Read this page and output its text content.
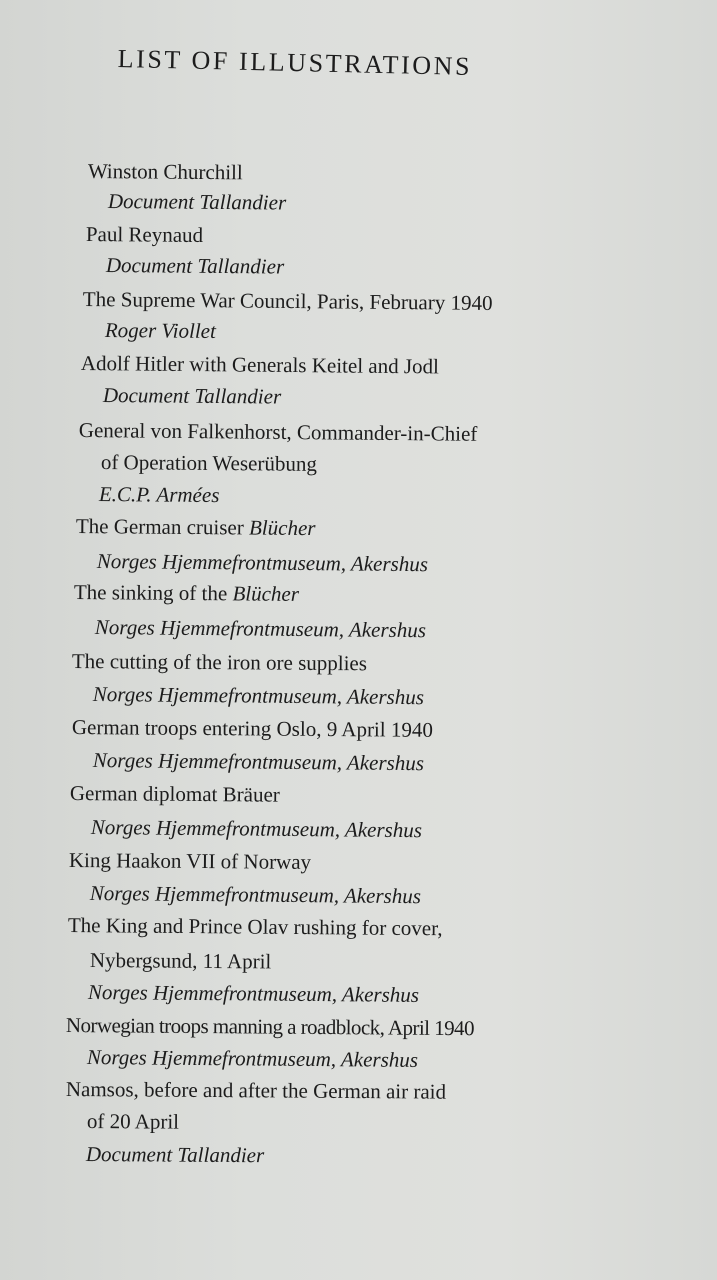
LIST OF ILLUSTRATIONS
Winston Churchill
Document Tallandier
Paul Reynaud
Document Tallandier
The Supreme War Council, Paris, February 1940
Roger Viollet
Adolf Hitler with Generals Keitel and Jodl
Document Tallandier
General von Falkenhorst, Commander-in-Chief
of Operation Weserübung
E.C.P. Armées
The German cruiser Blücher
Norges Hjemmefrontmuseum, Akershus
The sinking of the Blücher
Norges Hjemmefrontmuseum, Akershus
The cutting of the iron ore supplies
Norges Hjemmefrontmuseum, Akershus
German troops entering Oslo, 9 April 1940
Norges Hjemmefrontmuseum, Akershus
German diplomat Bräuer
Norges Hjemmefrontmuseum, Akershus
King Haakon VII of Norway
Norges Hjemmefrontmuseum, Akershus
The King and Prince Olav rushing for cover,
Nybergsund, 11 April
Norges Hjemmefrontmuseum, Akershus
Norwegian troops manning a roadblock, April 1940
Norges Hjemmefrontmuseum, Akershus
Namsos, before and after the German air raid
of 20 April
Document Tallandier
